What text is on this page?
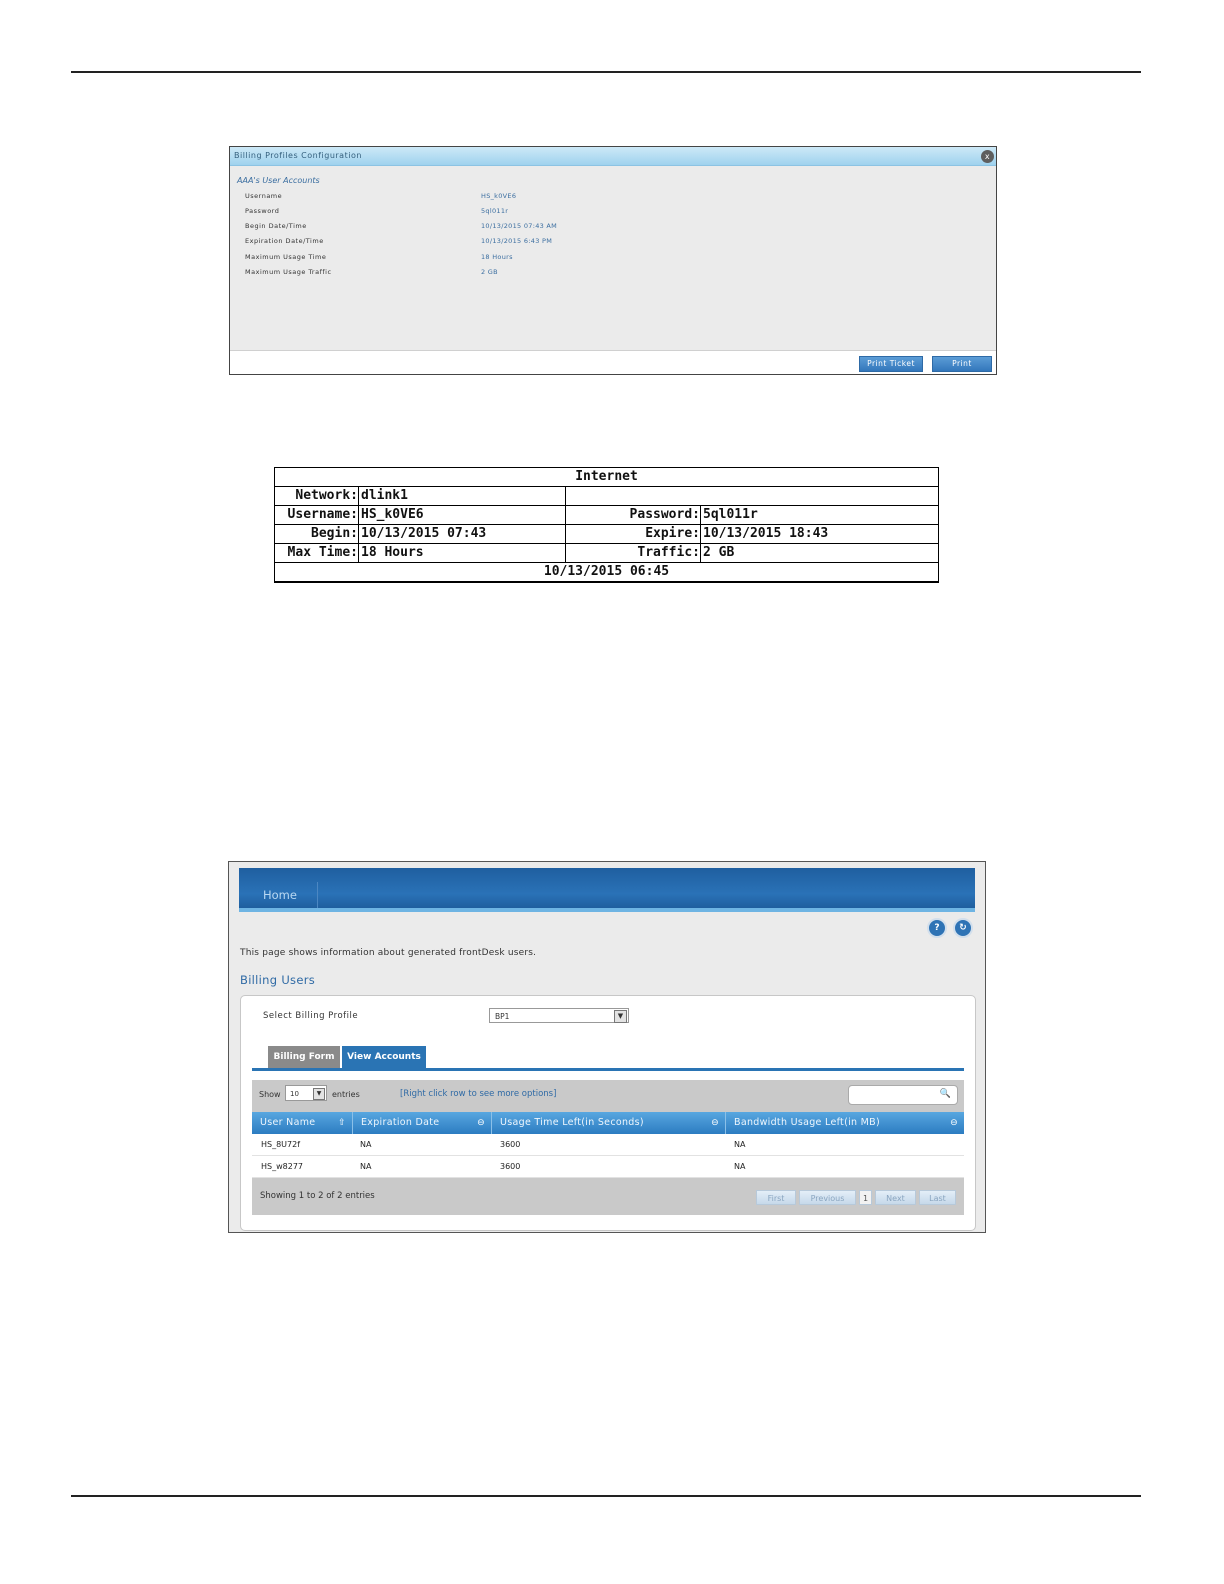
Billing Profiles Configuration	x
AAA's User Accounts
Username	HS_k0VE6
Password	5ql011r
Begin Date/Time	10/13/2015 07:43 AM
Expiration Date/Time	10/13/2015 6:43 PM
Maximum Usage Time	18 Hours
Maximum Usage Traffic	2 GB
Print Ticket	Print
Internet
Network: dlink1
Username: HS_k0VE6	Password: 5ql011r
Begin: 10/13/2015 07:43	Expire: 10/13/2015 18:43
Max Time: 18 Hours	Traffic: 2 GB
10/13/2015 06:45
Home
?	↻
This page shows information about generated frontDesk users.
Billing Users
Select Billing Profile	BP1	▼
Billing Form	View Accounts
Show	10	▼	entries	[Right click row to see more options]	🔍
User Name	⇧	Expiration Date	⊖	Usage Time Left(in Seconds)	⊖	Bandwidth Usage Left(in MB)	⊖
HS_8U72f	NA	3600	NA
HS_w8277	NA	3600	NA
Showing 1 to 2 of 2 entries	First	Previous	1	Next	Last
